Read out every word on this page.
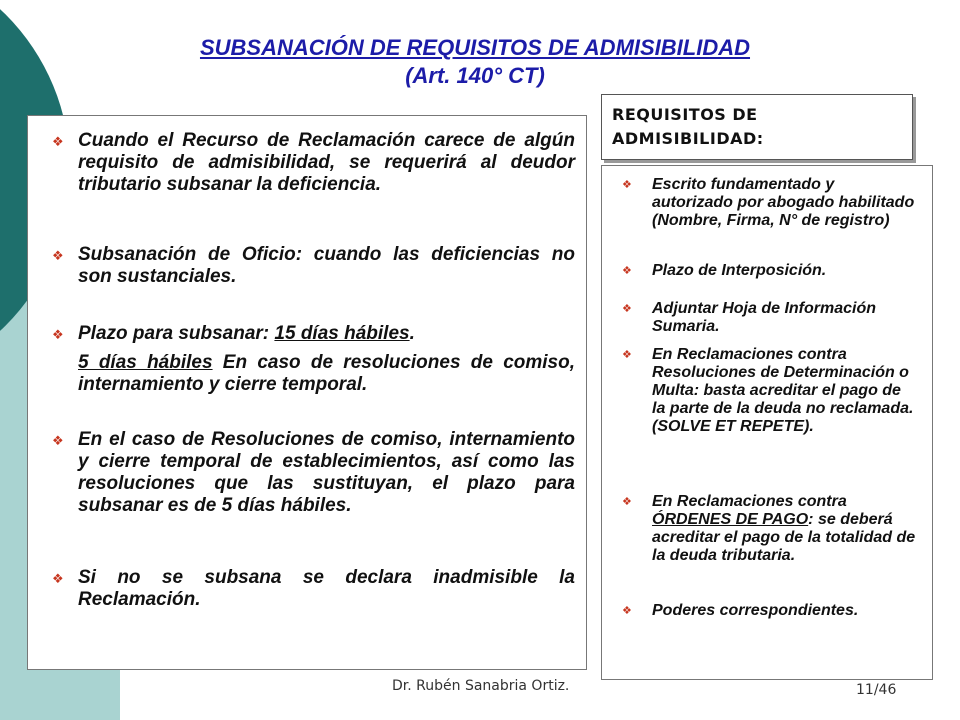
SUBSANACIÓN DE REQUISITOS DE ADMISIBILIDAD
(Art. 140° CT)
REQUISITOS DE
ADMISIBILIDAD:
❖ Cuando el Recurso de Reclamación carece de algún requisito de admisibilidad, se requerirá al deudor tributario subsanar la deficiencia.
❖ Subsanación de Oficio: cuando las deficiencias no son sustanciales.
❖ Plazo para subsanar: 15 días hábiles.
5 días hábiles En caso de resoluciones de comiso, internamiento y cierre temporal.
❖ En el caso de Resoluciones de comiso, internamiento y cierre temporal de establecimientos, así como las resoluciones que las sustituyan, el plazo para subsanar es de 5 días hábiles.
❖ Si no se subsana se declara inadmisible la Reclamación.
❖ Escrito fundamentado y autorizado por abogado habilitado (Nombre, Firma, N° de registro)
❖ Plazo de Interposición.
❖ Adjuntar Hoja de Información Sumaria.
❖ En Reclamaciones contra Resoluciones de Determinación o Multa: basta acreditar el pago de la parte de la deuda no reclamada.(SOLVE ET REPETE).
❖ En Reclamaciones contra ÓRDENES DE PAGO: se deberá acreditar el pago de la totalidad de la deuda tributaria.
❖ Poderes correspondientes.
Dr. Rubén Sanabria Ortiz.	11/46
